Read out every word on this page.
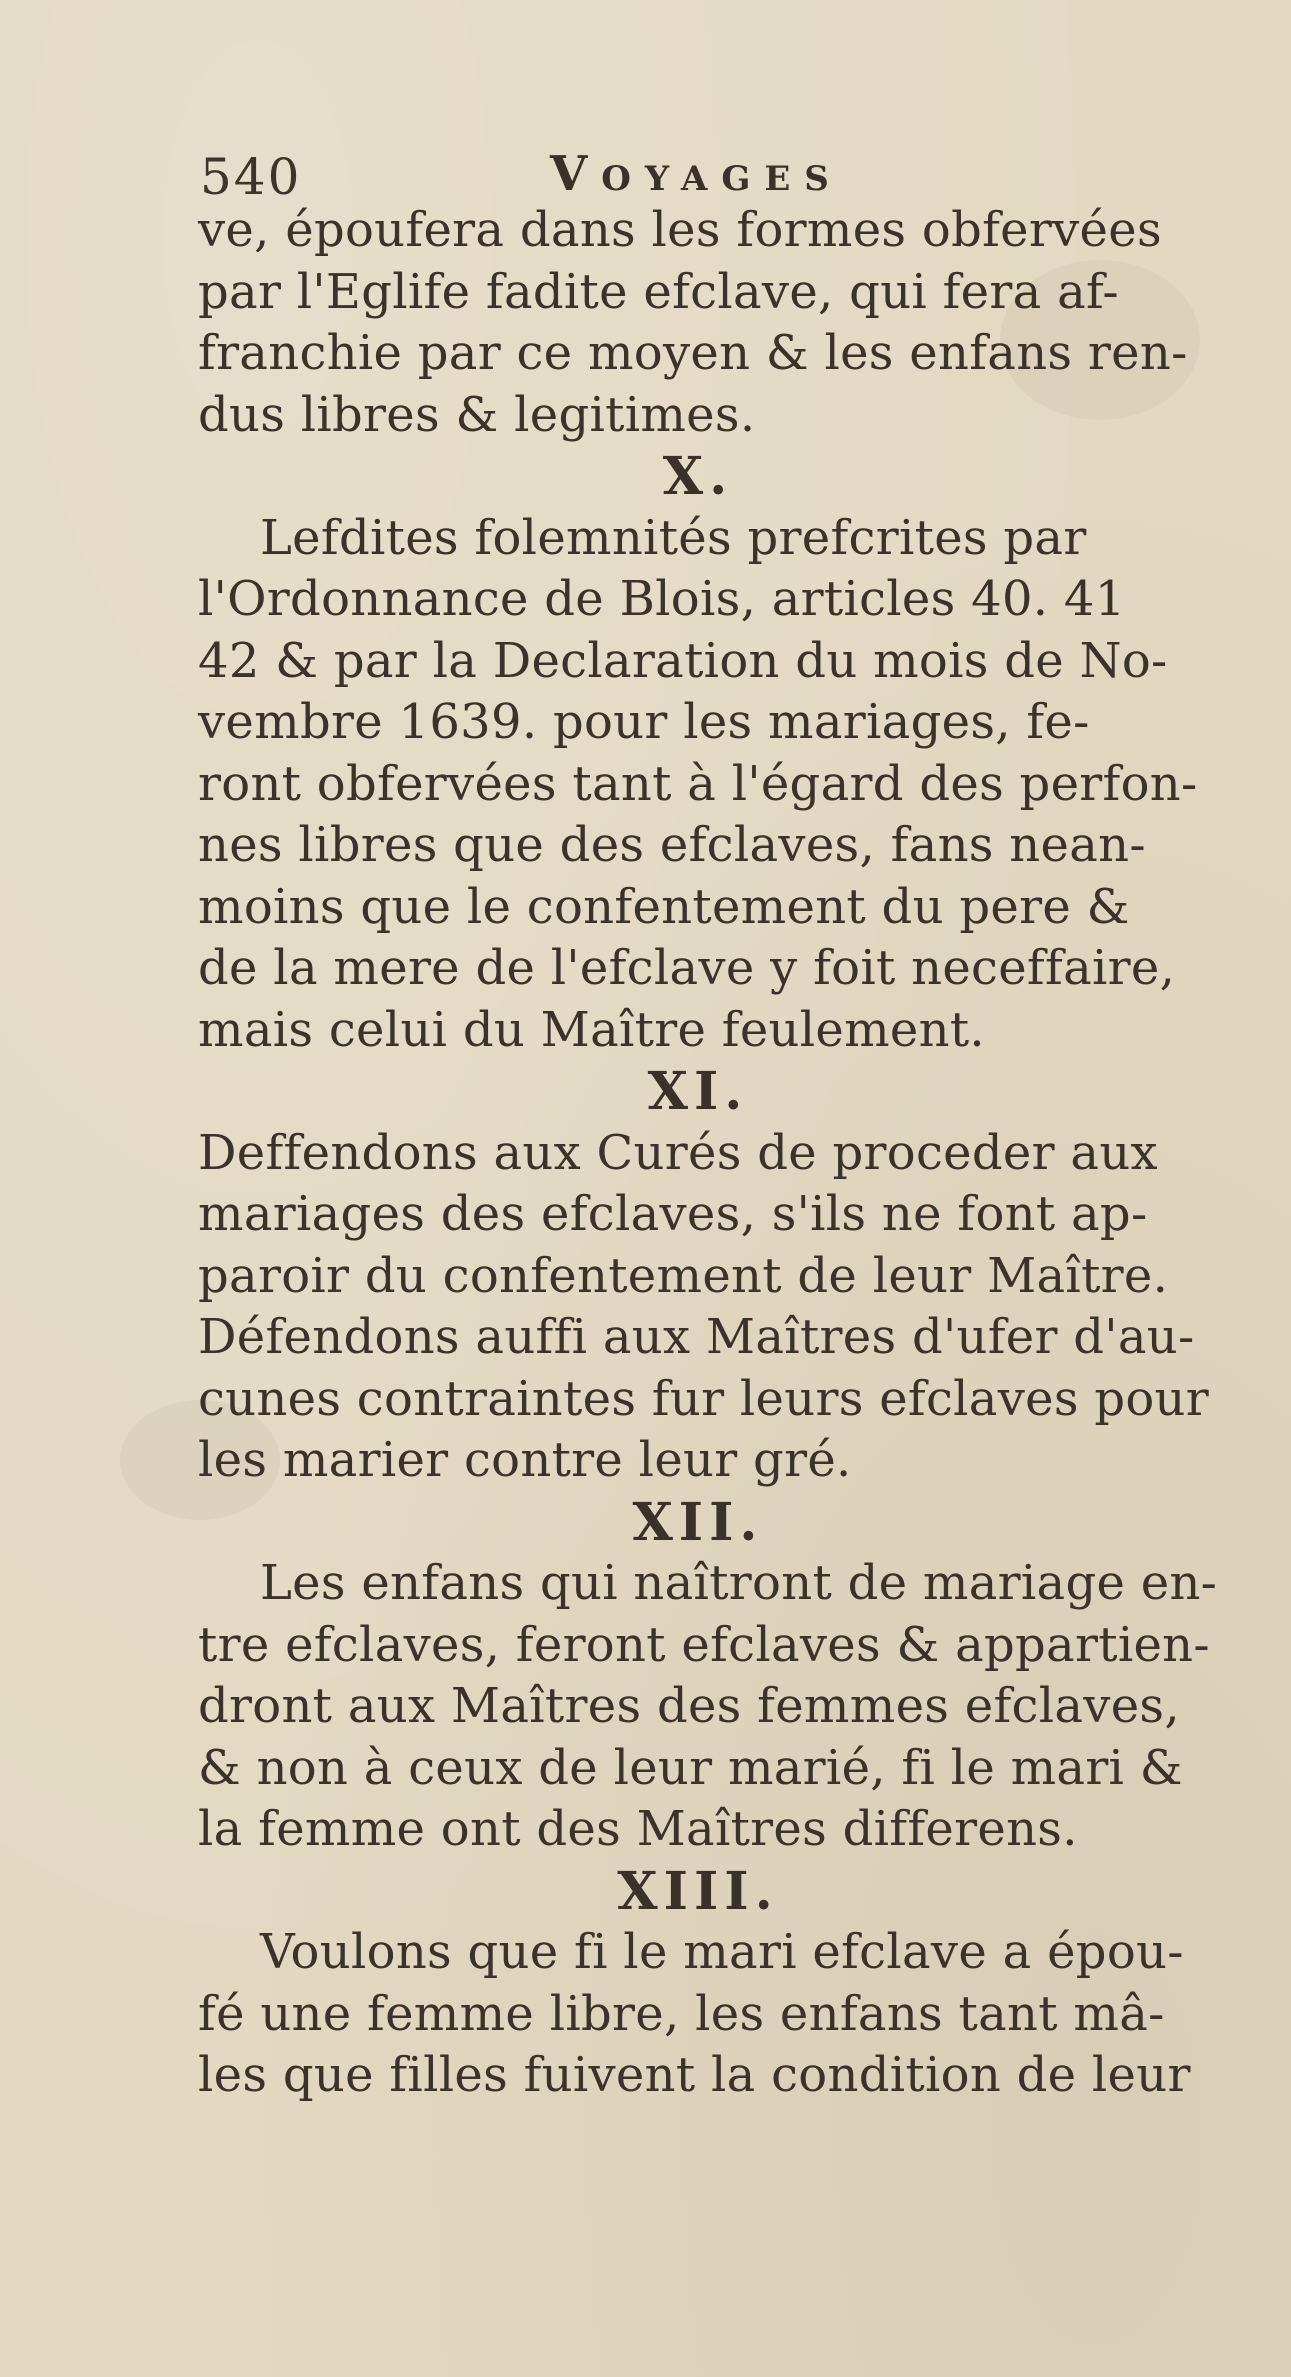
540	Voyages
ve, époufera dans les formes obfervées
par l'Eglife fadite efclave, qui fera af-
franchie par ce moyen & les enfans ren-
dus libres & legitimes.
X.
Lefdites folemnités prefcrites par
l'Ordonnance de Blois, articles 40. 41
42 & par la Declaration du mois de No-
vembre 1639. pour les mariages, fe-
ront obfervées tant à l'égard des perfon-
nes libres que des efclaves, fans nean-
moins que le confentement du pere &
de la mere de l'efclave y foit neceffaire,
mais celui du Maître feulement.
XI.
Deffendons aux Curés de proceder aux
mariages des efclaves, s'ils ne font ap-
paroir du confentement de leur Maître.
Défendons auffi aux Maîtres d'ufer d'au-
cunes contraintes fur leurs efclaves pour
les marier contre leur gré.
XII.
Les enfans qui naîtront de mariage en-
tre efclaves, feront efclaves & appartien-
dront aux Maîtres des femmes efclaves,
& non à ceux de leur marié, fi le mari &
la femme ont des Maîtres differens.
XIII.
Voulons que fi le mari efclave a épou-
fé une femme libre, les enfans tant mâ-
les que filles fuivent la condition de leur
